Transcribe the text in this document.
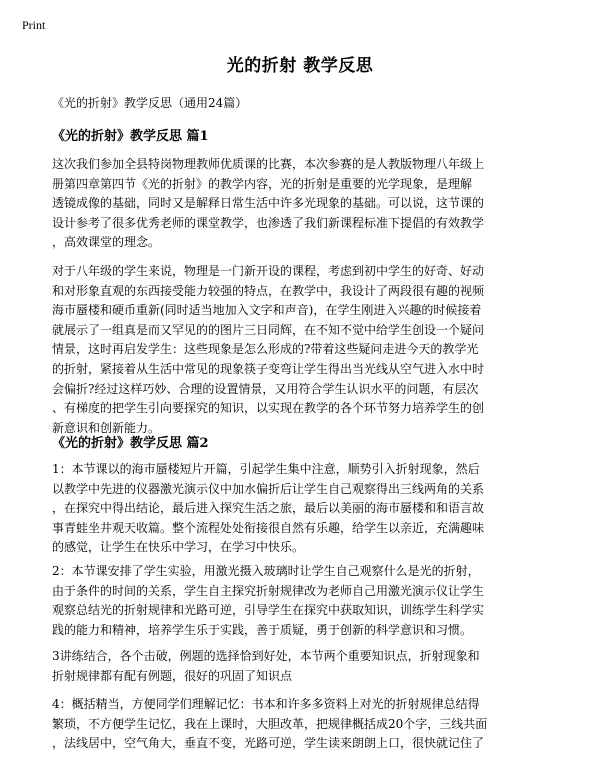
Print
光的折射 教学反思
《光的折射》教学反思（通用24篇）
《光的折射》教学反思 篇1
这次我们参加全县特岗物理教师优质课的比赛，本次参赛的是人教版物理八年级上
册第四章第四节《光的折射》的教学内容，光的折射是重要的光学现象，是理解
透镜成像的基础，同时又是解释日常生活中许多光现象的基础。可以说，这节课的
设计参考了很多优秀老师的课堂教学，也渗透了我们新课程标准下提倡的有效教学
，高效课堂的理念。
对于八年级的学生来说，物理是一门新开设的课程，考虑到初中学生的好奇、好动
和对形象直观的东西接受能力较强的特点，在教学中，我设计了两段很有趣的视频
海市蜃楼和硬币重新(同时适当地加入文字和声音)，在学生刚进入兴趣的时候接着
就展示了一组真是而又罕见的的图片三日同辉，在不知不觉中给学生创设一个疑问
情景，这时再启发学生：这些现象是怎么形成的?带着这些疑问走进今天的教学光
的折射，紧接着从生活中常见的现象筷子变弯让学生得出当光线从空气进入水中时
会偏折?经过这样巧妙、合理的设置情景，又用符合学生认识水平的问题，有层次
、有梯度的把学生引向要探究的知识，以实现在教学的各个环节努力培养学生的创
新意识和创新能力。
《光的折射》教学反思 篇2
1：本节课以的海市蜃楼短片开篇，引起学生集中注意，顺势引入折射现象，然后
以教学中先进的仪器激光演示仪中加水偏折后让学生自己观察得出三线两角的关系
，在探究中得出结论，最后进入探究生活之旅，最后以美丽的海市蜃楼和和语言故
事青蛙坐井观天收篇。整个流程处处衔接很自然有乐趣，给学生以亲近，充满趣味
的感觉，让学生在快乐中学习，在学习中快乐。
2：本节课安排了学生实验，用激光摄入玻璃时让学生自己观察什么是光的折射，
由于条件的时间的关系，学生自主探究折射规律改为老师自己用激光演示仪让学生
观察总结光的折射规律和光路可逆，引导学生在探究中获取知识，训练学生科学实
践的能力和精神，培养学生乐于实践，善于质疑，勇于创新的科学意识和习惯。
3讲练结合，各个击破，例题的选择恰到好处，本节两个重要知识点，折射现象和
折射规律都有配有例题，很好的巩固了知识点
4：概括精当，方便同学们理解记忆：书本和许多多资料上对光的折射规律总结得
繁琐，不方便学生记忆，我在上课时，大胆改革，把规律概括成20个字，三线共面
，法线居中，空气角大，垂直不变，光路可逆，学生读来朗朗上口，很快就记住了
